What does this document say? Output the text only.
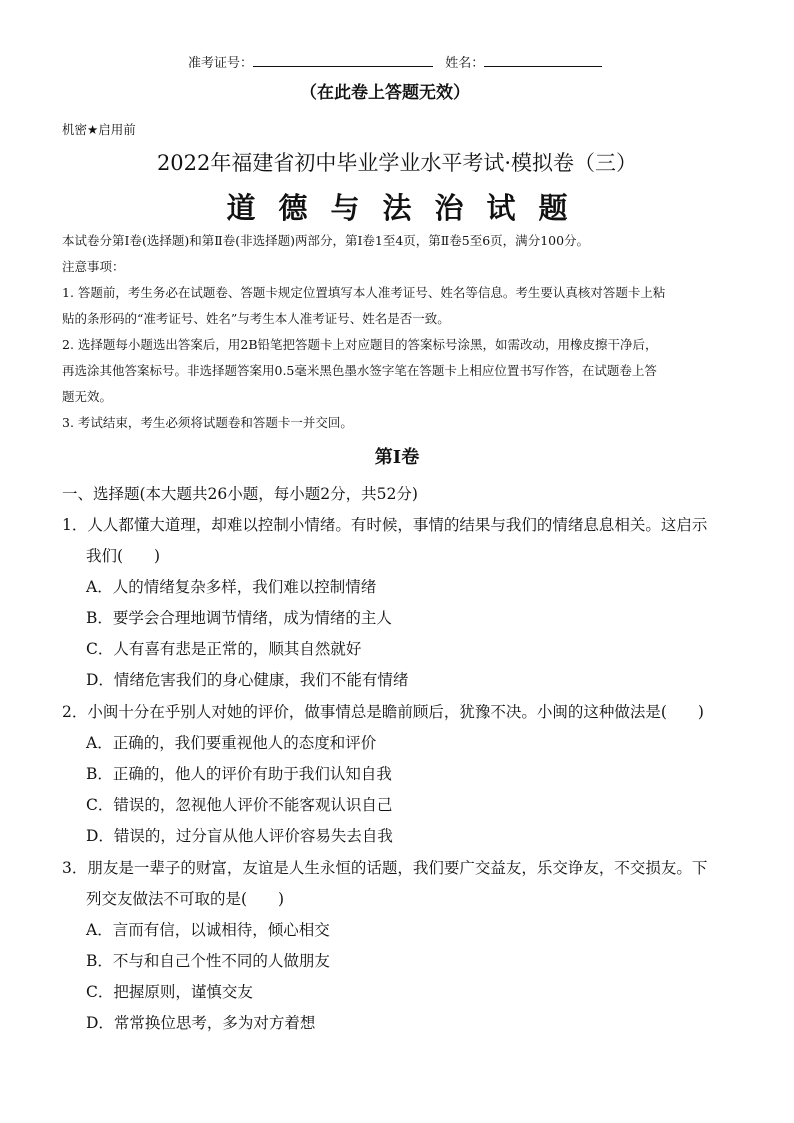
准考证号：	姓名：
（在此卷上答题无效）
机密★启用前
2022年福建省初中毕业学业水平考试·模拟卷（三）
道德与法治试题
本试卷分第Ⅰ卷(选择题)和第Ⅱ卷(非选择题)两部分，第Ⅰ卷1至4页，第Ⅱ卷5至6页，满分100分。
注意事项：
1. 答题前，考生务必在试题卷、答题卡规定位置填写本人准考证号、姓名等信息。考生要认真核对答题卡上粘
贴的条形码的“准考证号、姓名”与考生本人准考证号、姓名是否一致。
2. 选择题每小题选出答案后，用2B铅笔把答题卡上对应题目的答案标号涂黑，如需改动，用橡皮擦干净后，
再选涂其他答案标号。非选择题答案用0.5毫米黑色墨水签字笔在答题卡上相应位置书写作答，在试题卷上答
题无效。
3. 考试结束，考生必须将试题卷和答题卡一并交回。
第Ⅰ卷
一、选择题(本大题共26小题，每小题2分，共52分)
1．人人都懂大道理，却难以控制小情绪。有时候，事情的结果与我们的情绪息息相关。这启示
我们(　　)
A．人的情绪复杂多样，我们难以控制情绪
B．要学会合理地调节情绪，成为情绪的主人
C．人有喜有悲是正常的，顺其自然就好
D．情绪危害我们的身心健康，我们不能有情绪
2．小闽十分在乎别人对她的评价，做事情总是瞻前顾后，犹豫不决。小闽的这种做法是(　　)
A．正确的，我们要重视他人的态度和评价
B．正确的，他人的评价有助于我们认知自我
C．错误的，忽视他人评价不能客观认识自己
D．错误的，过分盲从他人评价容易失去自我
3．朋友是一辈子的财富，友谊是人生永恒的话题，我们要广交益友，乐交诤友，不交损友。下
列交友做法不可取的是(　　)
A．言而有信，以诚相待，倾心相交
B．不与和自己个性不同的人做朋友
C．把握原则，谨慎交友
D．常常换位思考，多为对方着想
